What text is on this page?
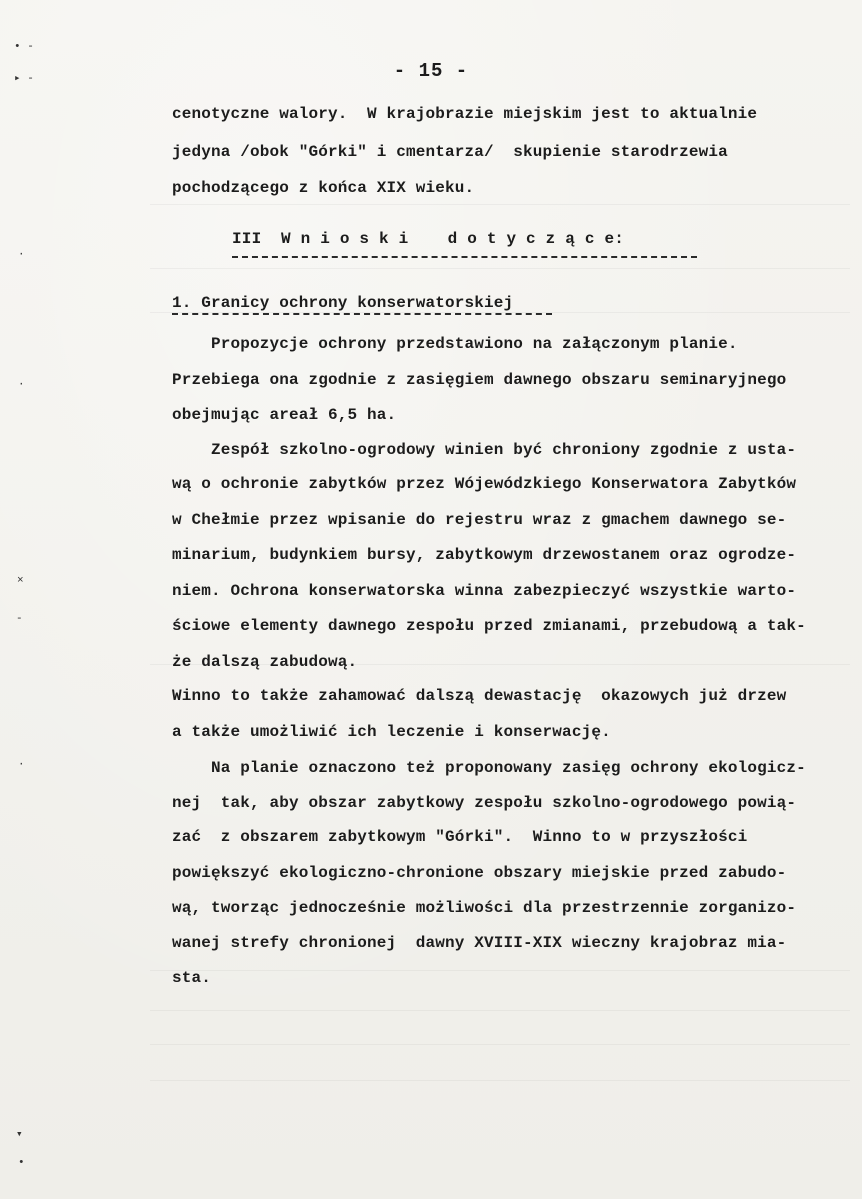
• -
▸ -
·
·
×
-
·
▾
•
- 15 -
cenotyczne walory.  W krajobrazie miejskim jest to aktualnie
jedyna /obok "Górki" i cmentarza/  skupienie starodrzewia
pochodzącego z końca XIX wieku.
III  W n i o s k i    d o t y c z ą c e:
1. Granicy ochrony konserwatorskiej
Propozycje ochrony przedstawiono na załączonym planie.
Przebiega ona zgodnie z zasięgiem dawnego obszaru seminaryjnego
obejmując areał 6,5 ha.
Zespół szkolno-ogrodowy winien być chroniony zgodnie z usta-
wą o ochronie zabytków przez Wójewódzkiego Konserwatora Zabytków
w Chełmie przez wpisanie do rejestru wraz z gmachem dawnego se-
minarium, budynkiem bursy, zabytkowym drzewostanem oraz ogrodze-
niem. Ochrona konserwatorska winna zabezpieczyć wszystkie warto-
ściowe elementy dawnego zespołu przed zmianami, przebudową a tak-
że dalszą zabudową.
Winno to także zahamować dalszą dewastację  okazowych już drzew
a także umożliwić ich leczenie i konserwację.
Na planie oznaczono też proponowany zasięg ochrony ekologicz-
nej  tak, aby obszar zabytkowy zespołu szkolno-ogrodowego powią-
zać  z obszarem zabytkowym "Górki".  Winno to w przyszłości
powiększyć ekologiczno-chronione obszary miejskie przed zabudo-
wą, tworząc jednocześnie możliwości dla przestrzennie zorganizo-
wanej strefy chronionej  dawny XVIII-XIX wieczny krajobraz mia-
sta.
